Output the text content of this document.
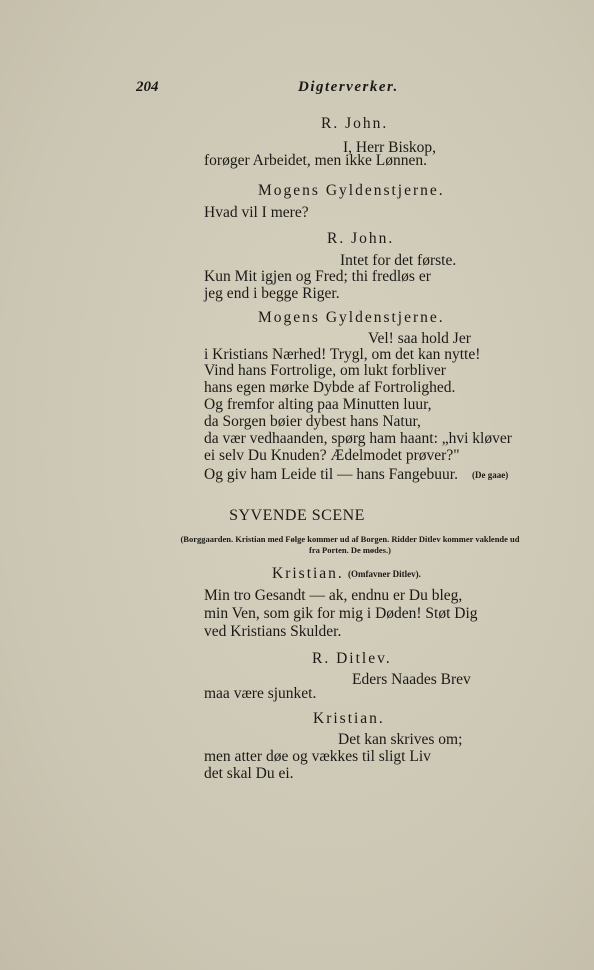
204	Digterverker.
R. John.
I, Herr Biskop,
forøger Arbeidet, men ikke Lønnen.
Mogens Gyldenstjerne.
Hvad vil I mere?
R. John.
Intet for det første.
Kun Mit igjen og Fred; thi fredløs er
jeg end i begge Riger.
Mogens Gyldenstjerne.
Vel! saa hold Jer
i Kristians Nærhed! Trygl, om det kan nytte!
Vind hans Fortrolige, om lukt forbliver
hans egen mørke Dybde af Fortrolighed.
Og fremfor alting paa Minutten luur,
da Sorgen bøier dybest hans Natur,
da vær vedhaanden, spørg ham haant: „hvi kløver
ei selv Du Knuden? Ædelmodet prøver?"
Og giv ham Leide til — hans Fangebuur.
Kristian.
Min tro Gesandt — ak, endnu er Du bleg,
min Ven, som gik for mig i Døden! Støt Dig
ved Kristians Skulder.
R. Ditlev.
Eders Naades Brev
maa være sjunket.
Kristian.
Det kan skrives om;
men atter døe og vækkes til sligt Liv
det skal Du ei.
(De gaae)
SYVENDE SCENE
(Borggaarden. Kristian med Følge kommer ud af Borgen. Ridder Ditlev kommer vaklende ud
fra Porten. De mødes.)
(Omfavner Ditlev).
